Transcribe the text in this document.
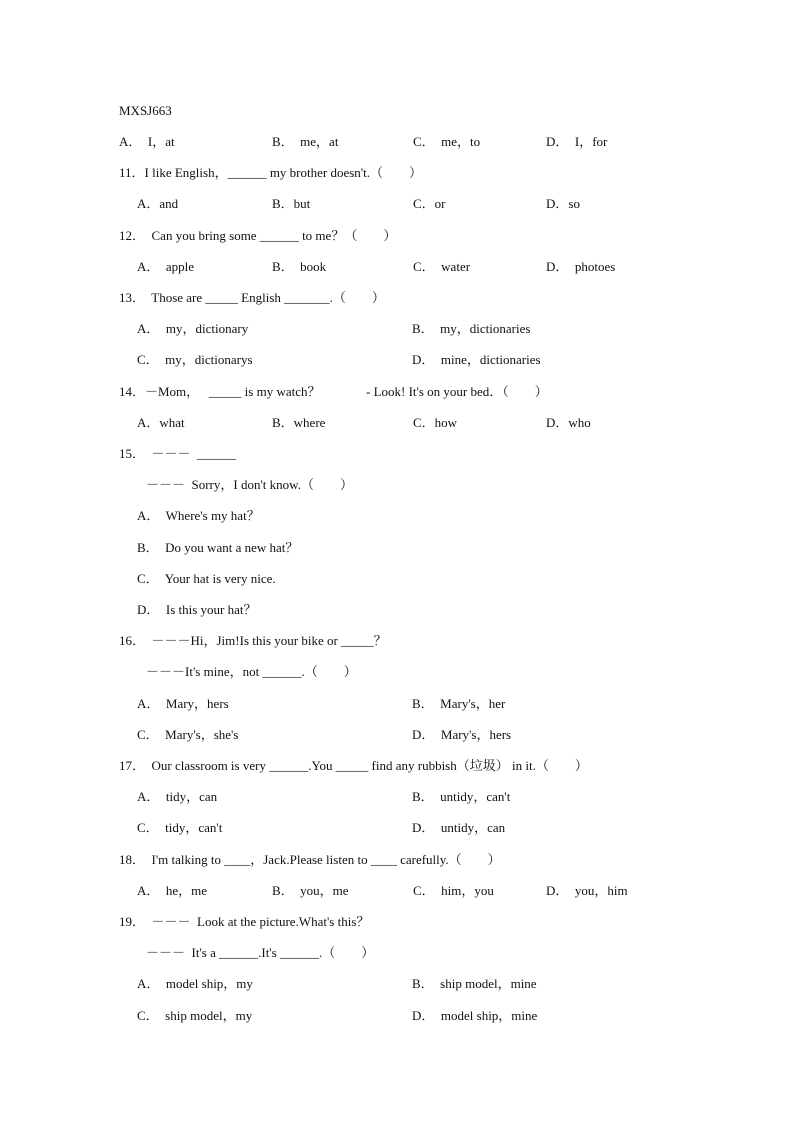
MXSJ663
A．  I，at	B．  me，at	C．  me，to	D．  I，for
11．I like English，______ my brother doesn't.（　　）
A．and	B．but	C．or	D．so
12．  Can you bring some ______ to me？（　　）
A．  apple	B．  book	C．  water	D．  photoes
13．  Those are _____ English _______.（　　）
A．  my，dictionary	B．  my，dictionaries
C．  my，dictionarys	D．  mine，dictionaries
14．－Mom，   _____ is my watch？              - Look! It's on your bed．（　　）
A．what	B．where	C．how	D．who
15．  －－－  ______
－－－  Sorry，I don't know.（　　）
A．  Where's my hat？
B．  Do you want a new hat？
C．  Your hat is very nice.
D．  Is this your hat？
16．  －－－Hi，Jim!Is this your bike or _____？
－－－It's mine，not ______.（　　）
A．  Mary，hers	B．  Mary's，her
C．  Mary's，she's	D．  Mary's，hers
17．  Our classroom is very ______.You _____ find any rubbish（垃圾） in it.（　　）
A．  tidy，can	B．  untidy，can't
C．  tidy，can't	D．  untidy，can
18．  I'm talking to ____，Jack.Please listen to ____ carefully.（　　）
A．  he，me	B．  you，me	C．  him，you	D．  you，him
19．  －－－  Look at the picture.What's this？
－－－  It's a ______.It's ______.（　　）
A．  model ship，my	B．  ship model，mine
C．  ship model，my	D．  model ship，mine
